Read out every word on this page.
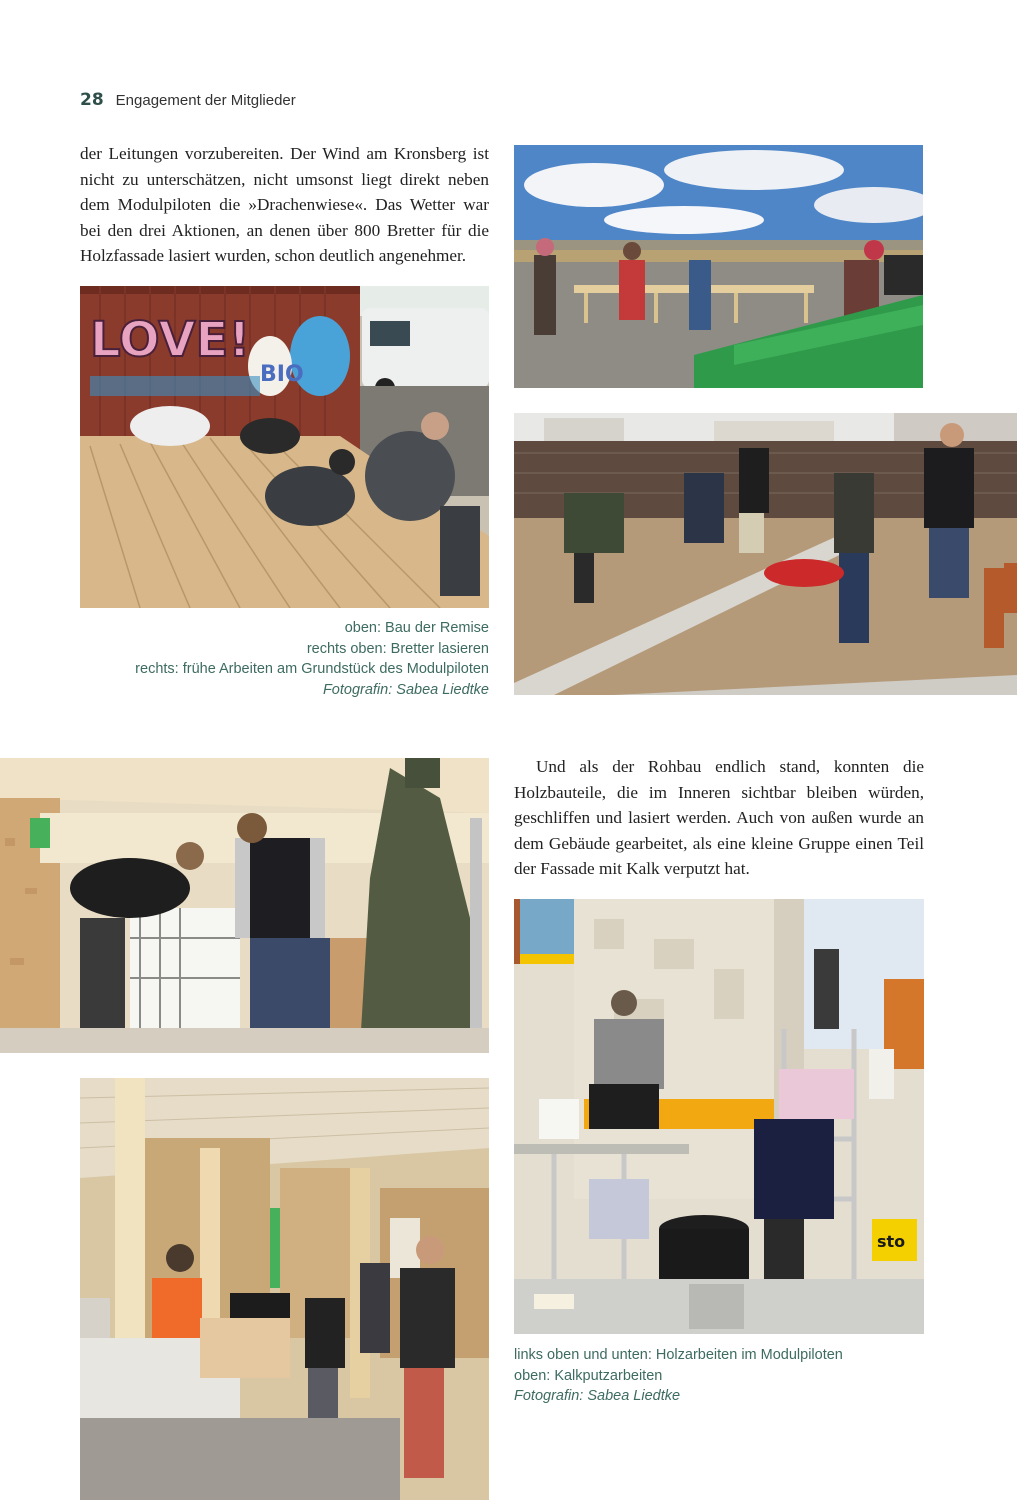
28 Engagement der Mitglieder

der Leitungen vorzubereiten. Der Wind am Kronsberg ist nicht zu unterschätzen, nicht umsonst liegt direkt neben dem Modulpiloten die »Drachenwiese«. Das Wetter war bei den drei Aktionen, an denen über 800 Bretter für die Holzfassade lasiert wurden, schon deutlich angenehmer.

LOVE!
BIO
oben: Bau der Remise
rechts oben: Bretter lasieren
rechts: frühe Arbeiten am Grundstück des Modulpiloten
Fotografin: Sabea Liedtke

Und als der Rohbau endlich stand, konnten die Holzbauteile, die im Inneren sichtbar bleiben würden, geschliffen und lasiert werden. Auch von außen wurde an dem Gebäude gearbeitet, als eine kleine Gruppe einen Teil der Fassade mit Kalk verputzt hat.

sto
links oben und unten: Holzarbeiten im Modulpiloten
oben: Kalkputzarbeiten
Fotografin: Sabea Liedtke
